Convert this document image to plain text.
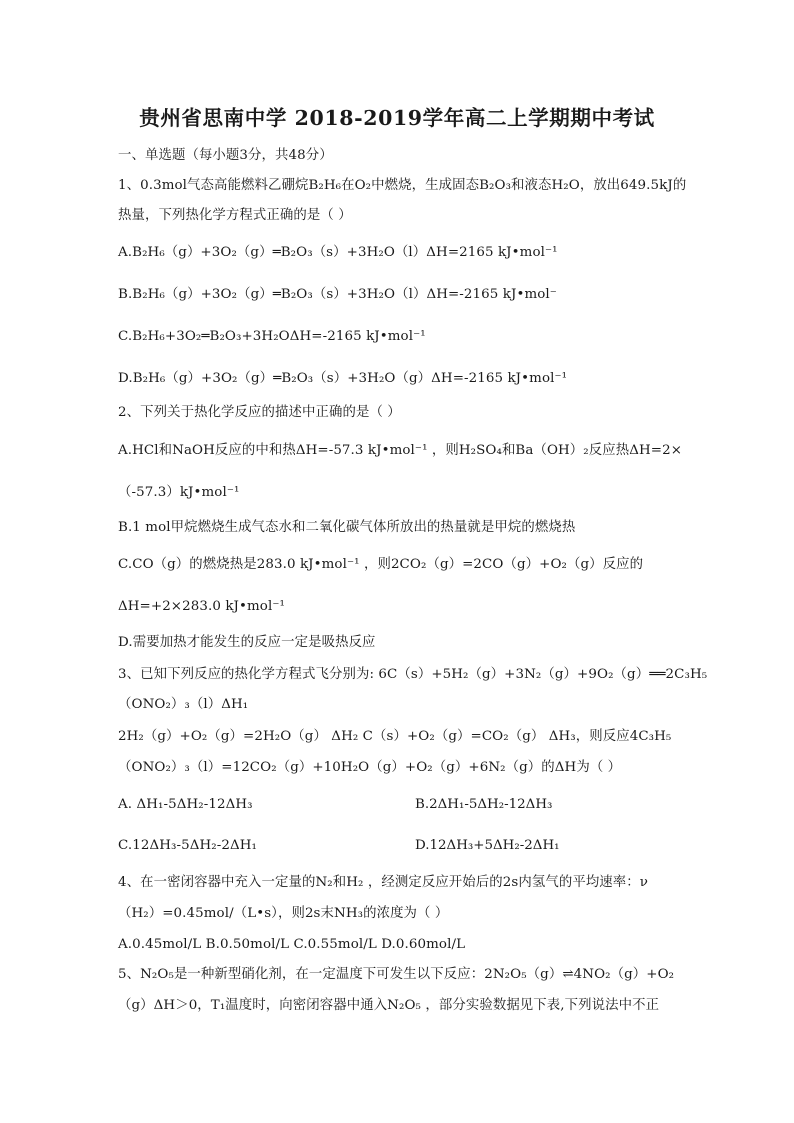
贵州省思南中学 2018-2019学年高二上学期期中考试
一、单选题（每小题3分，共48分）
1、0.3mol气态高能燃料乙硼烷B₂H₆在O₂中燃烧，生成固态B₂O₃和液态H₂O，放出649.5kJ的
热量，下列热化学方程式正确的是（ ）
A.B₂H₆（g）+3O₂（g）═B₂O₃（s）+3H₂O（l）ΔH=2165 kJ•mol⁻¹
B.B₂H₆（g）+3O₂（g）═B₂O₃（s）+3H₂O（l）ΔH=-2165 kJ•mol⁻
C.B₂H₆+3O₂═B₂O₃+3H₂OΔH=-2165 kJ•mol⁻¹
D.B₂H₆（g）+3O₂（g）═B₂O₃（s）+3H₂O（g）ΔH=-2165 kJ•mol⁻¹
2、下列关于热化学反应的描述中正确的是（ ）
A.HCl和NaOH反应的中和热ΔH=-57.3 kJ•mol⁻¹ ，则H₂SO₄和Ba（OH）₂反应热ΔH=2×
（-57.3）kJ•mol⁻¹
B.1 mol甲烷燃烧生成气态水和二氧化碳气体所放出的热量就是甲烷的燃烧热
C.CO（g）的燃烧热是283.0 kJ•mol⁻¹ ，则2CO₂（g）=2CO（g）+O₂（g）反应的
ΔH=+2×283.0 kJ•mol⁻¹
D.需要加热才能发生的反应一定是吸热反应
3、已知下列反应的热化学方程式飞分别为: 6C（s）+5H₂（g）+3N₂（g）+9O₂（g）══2C₃H₅
（ONO₂）₃（l）ΔH₁
2H₂（g）+O₂（g）=2H₂O（g） ΔH₂ C（s）+O₂（g）=CO₂（g） ΔH₃，则反应4C₃H₅
（ONO₂）₃（l）=12CO₂（g）+10H₂O（g）+O₂（g）+6N₂（g）的ΔH为（ ）
A. ΔH₁-5ΔH₂-12ΔH₃	B.2ΔH₁-5ΔH₂-12ΔH₃
C.12ΔH₃-5ΔH₂-2ΔH₁	D.12ΔH₃+5ΔH₂-2ΔH₁
4、在一密闭容器中充入一定量的N₂和H₂ ，经测定反应开始后的2s内氢气的平均速率：ν
（H₂）=0.45mol/（L•s），则2s末NH₃的浓度为（ ）
A.0.45mol/L B.0.50mol/L C.0.55mol/L D.0.60mol/L
5、N₂O₅是一种新型硝化剂，在一定温度下可发生以下反应：2N₂O₅（g）⇌4NO₂（g）+O₂
（g）ΔH＞0，T₁温度时，向密闭容器中通入N₂O₅ ，部分实验数据见下表,下列说法中不正
